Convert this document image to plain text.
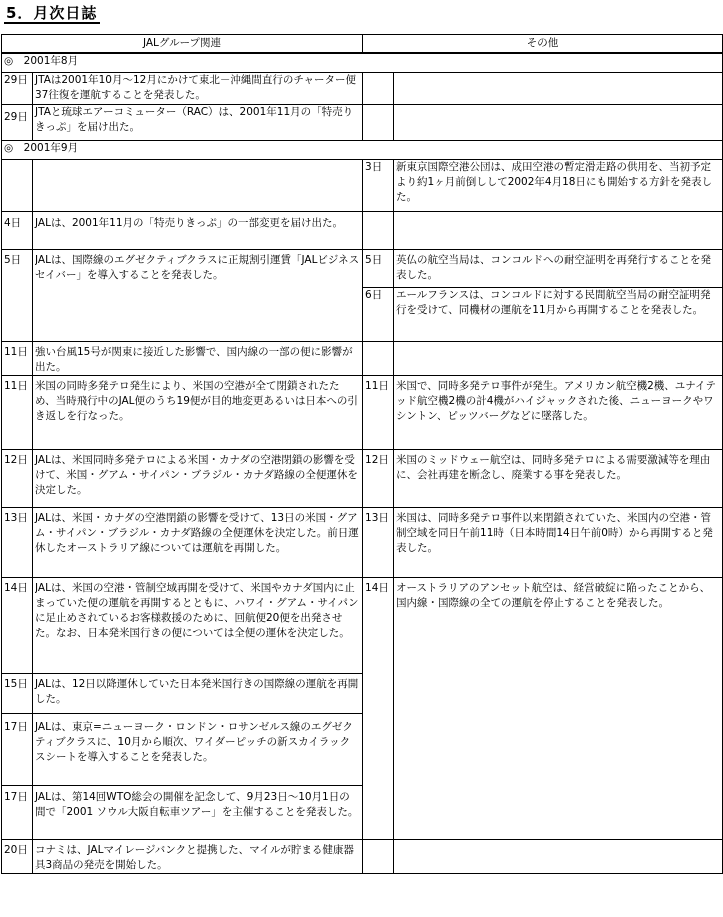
5．月次日誌
JALグループ関連		その他	
◎　2001年8月			
29日	JTAは2001年10月～12月にかけて東北－沖縄間直行のチャーター便37往復を運航することを発表した。		
29日	JTAと琉球エアーコミューター（RAC）は、2001年11月の「特売りきっぷ」を届け出た。		
◎　2001年9月			
		3日	新東京国際空港公団は、成田空港の暫定滑走路の供用を、当初予定より約1ヶ月前倒しして2002年4月18日にも開始する方針を発表した。
4日	JALは、2001年11月の「特売りきっぷ」の一部変更を届け出た。		
5日	JALは、国際線のエグゼクティブクラスに正規割引運賃「JALビジネスセイバー」を導入することを発表した。	5日	英仏の航空当局は、コンコルドへの耐空証明を再発行することを発表した。
		6日	エールフランスは、コンコルドに対する民間航空当局の耐空証明発行を受けて、同機材の運航を11月から再開することを発表した。
11日	強い台風15号が関東に接近した影響で、国内線の一部の便に影響が出た。		
11日	米国の同時多発テロ発生により、米国の空港が全て閉鎖されたため、当時飛行中のJAL便のうち19便が目的地変更あるいは日本への引き返しを行なった。	11日	米国で、同時多発テロ事件が発生。アメリカン航空機2機、ユナイテッド航空機2機の計4機がハイジャックされた後、ニューヨークやワシントン、ピッツバーグなどに墜落した。
12日	JALは、米国同時多発テロによる米国・カナダの空港閉鎖の影響を受けて、米国・グアム・サイパン・ブラジル・カナダ路線の全便運休を決定した。	12日	米国のミッドウェー航空は、同時多発テロによる需要激減等を理由に、会社再建を断念し、廃業する事を発表した。
13日	JALは、米国・カナダの空港閉鎖の影響を受けて、13日の米国・グアム・サイパン・ブラジル・カナダ路線の全便運休を決定した。前日運休したオーストラリア線については運航を再開した。	13日	米国は、同時多発テロ事件以来閉鎖されていた、米国内の空港・管制空域を同日午前11時（日本時間14日午前0時）から再開すると発表した。
14日	JALは、米国の空港・管制空域再開を受けて、米国やカナダ国内に止まっていた便の運航を再開するとともに、ハワイ・グアム・サイパンに足止めされているお客様救援のために、回航便20便を出発させた。なお、日本発米国行きの便については全便の運休を決定した。	14日	オーストラリアのアンセット航空は、経営破綻に陥ったことから、国内線・国際線の全ての運航を停止することを発表した。
15日	JALは、12日以降運休していた日本発米国行きの国際線の運航を再開した。		
17日	JALは、東京=ニューヨーク・ロンドン・ロサンゼルス線のエグゼクティブクラスに、10月から順次、ワイダーピッチの新スカイラックスシートを導入することを発表した。		
17日	JALは、第14回WTO総会の開催を記念して、9月23日～10月1日の間で「2001 ソウル大阪自転車ツアー」を主催することを発表した。		
20日	コナミは、JALマイレージバンクと提携した、マイルが貯まる健康器具3商品の発売を開始した。		
